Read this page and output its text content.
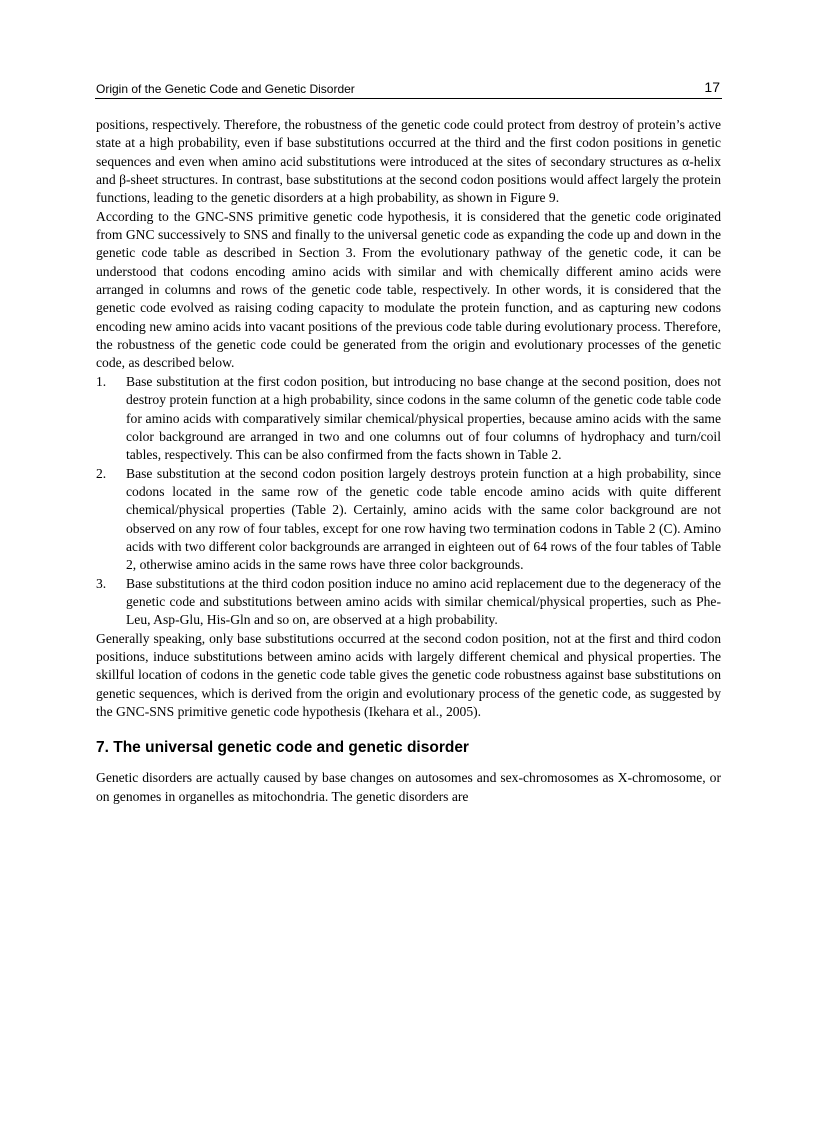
Origin of the Genetic Code and Genetic Disorder	17

positions, respectively. Therefore, the robustness of the genetic code could protect from destroy of protein’s active state at a high probability, even if base substitutions occurred at the third and the first codon positions in genetic sequences and even when amino acid substitutions were introduced at the sites of secondary structures as α-helix and β-sheet structures. In contrast, base substitutions at the second codon positions would affect largely the protein functions, leading to the genetic disorders at a high probability, as shown in Figure 9.

According to the GNC-SNS primitive genetic code hypothesis, it is considered that the genetic code originated from GNC successively to SNS and finally to the universal genetic code as expanding the code up and down in the genetic code table as described in Section 3. From the evolutionary pathway of the genetic code, it can be understood that codons encoding amino acids with similar and with chemically different amino acids were arranged in columns and rows of the genetic code table, respectively. In other words, it is considered that the genetic code evolved as raising coding capacity to modulate the protein function, and as capturing new codons encoding new amino acids into vacant positions of the previous code table during evolutionary process. Therefore, the robustness of the genetic code could be generated from the origin and evolutionary processes of the genetic code, as described below.

1. Base substitution at the first codon position, but introducing no base change at the second position, does not destroy protein function at a high probability, since codons in the same column of the genetic code table code for amino acids with comparatively similar chemical/physical properties, because amino acids with the same color background are arranged in two and one columns out of four columns of hydrophacy and turn/coil tables, respectively. This can be also confirmed from the facts shown in Table 2.
2. Base substitution at the second codon position largely destroys protein function at a high probability, since codons located in the same row of the genetic code table encode amino acids with quite different chemical/physical properties (Table 2). Certainly, amino acids with the same color background are not observed on any row of four tables, except for one row having two termination codons in Table 2 (C). Amino acids with two different color backgrounds are arranged in eighteen out of 64 rows of the four tables of Table 2, otherwise amino acids in the same rows have three color backgrounds.
3. Base substitutions at the third codon position induce no amino acid replacement due to the degeneracy of the genetic code and substitutions between amino acids with similar chemical/physical properties, such as Phe-Leu, Asp-Glu, His-Gln and so on, are observed at a high probability.

Generally speaking, only base substitutions occurred at the second codon position, not at the first and third codon positions, induce substitutions between amino acids with largely different chemical and physical properties. The skillful location of codons in the genetic code table gives the genetic code robustness against base substitutions on genetic sequences, which is derived from the origin and evolutionary process of the genetic code, as suggested by the GNC-SNS primitive genetic code hypothesis (Ikehara et al., 2005).

7. The universal genetic code and genetic disorder

Genetic disorders are actually caused by base changes on autosomes and sex-chromosomes as X-chromosome, or on genomes in organelles as mitochondria. The genetic disorders are
